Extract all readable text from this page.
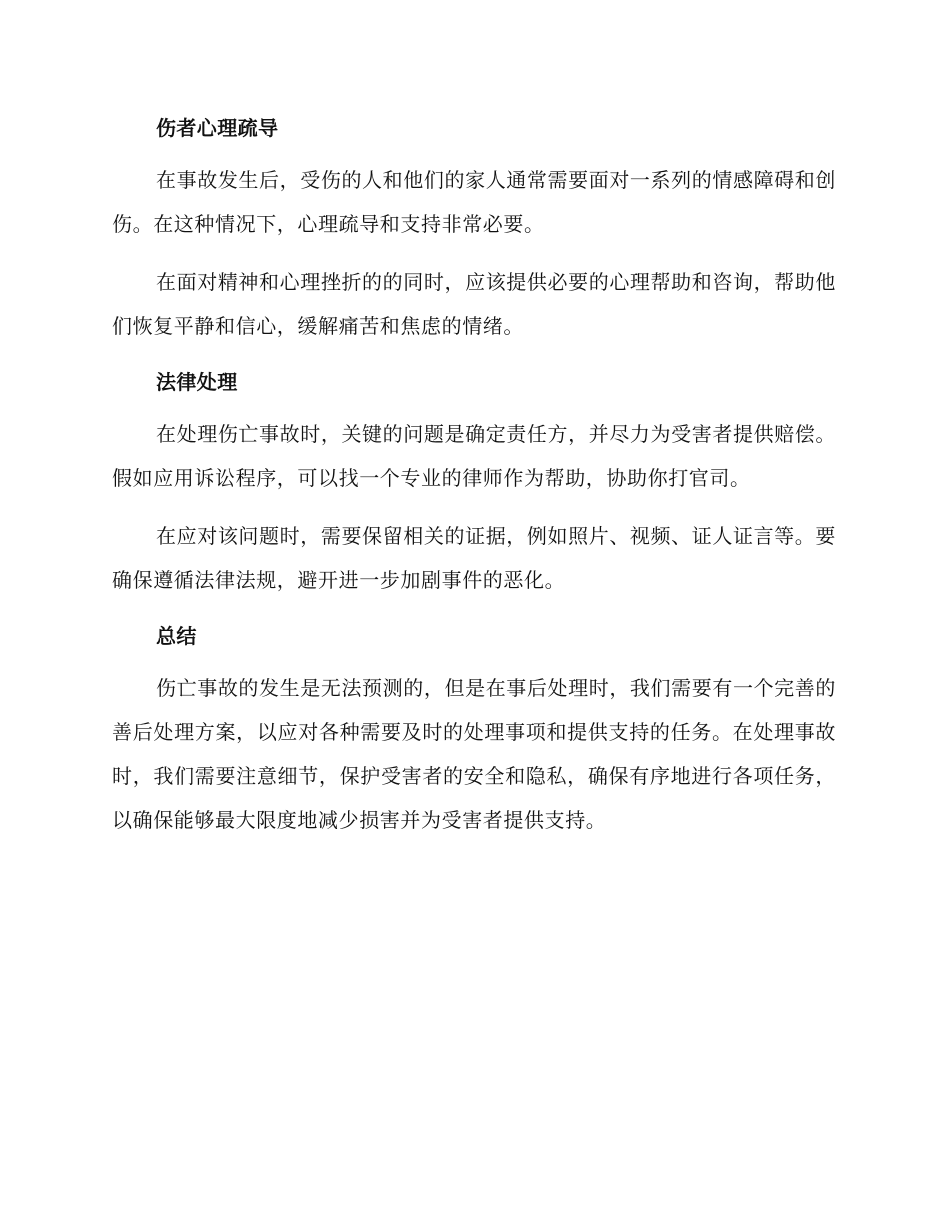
伤者心理疏导

在事故发生后，受伤的人和他们的家人通常需要面对一系列的情感障碍和创伤。在这种情况下，心理疏导和支持非常必要。

在面对精神和心理挫折的的同时，应该提供必要的心理帮助和咨询，帮助他们恢复平静和信心，缓解痛苦和焦虑的情绪。

法律处理

在处理伤亡事故时，关键的问题是确定责任方，并尽力为受害者提供赔偿。假如应用诉讼程序，可以找一个专业的律师作为帮助，协助你打官司。

在应对该问题时，需要保留相关的证据，例如照片、视频、证人证言等。要确保遵循法律法规，避开进一步加剧事件的恶化。

总结

伤亡事故的发生是无法预测的，但是在事后处理时，我们需要有一个完善的善后处理方案，以应对各种需要及时的处理事项和提供支持的任务。在处理事故时，我们需要注意细节，保护受害者的安全和隐私，确保有序地进行各项任务，以确保能够最大限度地减少损害并为受害者提供支持。
